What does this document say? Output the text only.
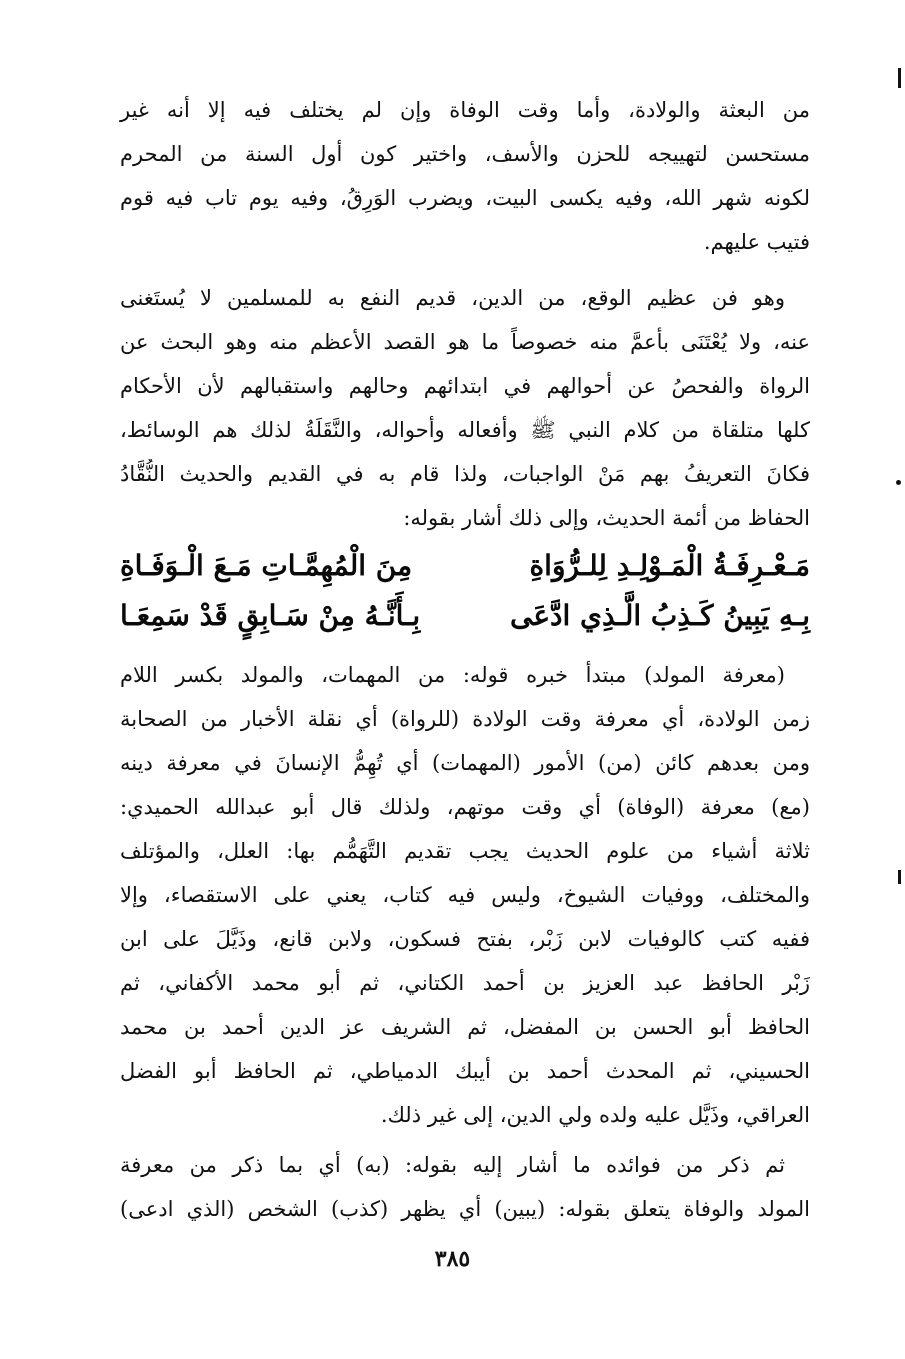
من البعثة والولادة، وأما وقت الوفاة وإن لم يختلف فيه إلا أنه غير
مستحسن لتهييجه للحزن والأسف، واختير كون أول السنة من المحرم
لكونه شهر الله، وفيه يكسى البيت، ويضرب الوَرِقُ، وفيه يوم تاب فيه قوم
فتيب عليهم.
وهو فن عظيم الوقع، من الدين، قديم النفع به للمسلمين لا يُستَغنى
عنه، ولا يُعْتَنَى بأعمَّ منه خصوصاً ما هو القصد الأعظم منه وهو البحث عن
الرواة والفحصُ عن أحوالهم في ابتدائهم وحالهم واستقبالهم لأن الأحكام
كلها متلقاة من كلام النبي ﷺ وأفعاله وأحواله، والنَّقَلَةُ لذلك هم الوسائط،
فكانَ التعريفُ بهم مَنْ الواجبات، ولذا قام به في القديم والحديث النُّقَّادُ
الحفاظ من أئمة الحديث، وإلى ذلك أشار بقوله:
مَـعْـرِفَـةُ الْمَـوْلِـدِ لِلـرُّوَاةِ
مِنَ الْمُهِمَّـاتِ مَـعَ الْـوَفَـاةِ
بِـهِ يَبِينُ كَـذِبُ الَّـذِي ادَّعَى
بِـأَنَّـهُ مِنْ سَـابِقٍ قَدْ سَمِعَـا
(معرفة المولد) مبتدأ خبره قوله: من المهمات، والمولد بكسر اللام
زمن الولادة، أي معرفة وقت الولادة (للرواة) أي نقلة الأخبار من الصحابة
ومن بعدهم كائن (من) الأمور (المهمات) أي تُهِمُّ الإنسانَ في معرفة دينه
(مع) معرفة (الوفاة) أي وقت موتهم، ولذلك قال أبو عبدالله الحميدي:
ثلاثة أشياء من علوم الحديث يجب تقديم التَّهَمُّم بها: العلل، والمؤتلف
والمختلف، ووفيات الشيوخ، وليس فيه كتاب، يعني على الاستقصاء، وإلا
ففيه كتب كالوفيات لابن زَبْر، بفتح فسكون، ولابن قانع، وذَيَّلَ على ابن
زَبْر الحافظ عبد العزيز بن أحمد الكتاني، ثم أبو محمد الأكفاني، ثم
الحافظ أبو الحسن بن المفضل، ثم الشريف عز الدين أحمد بن محمد
الحسيني، ثم المحدث أحمد بن أيبك الدمياطي، ثم الحافظ أبو الفضل
العراقي، وذَيَّل عليه ولده ولي الدين، إلى غير ذلك.
ثم ذكر من فوائده ما أشار إليه بقوله: (به) أي بما ذكر من معرفة
المولد والوفاة يتعلق بقوله: (يبين) أي يظهر (كذب) الشخص (الذي ادعى)
٣٨٥
